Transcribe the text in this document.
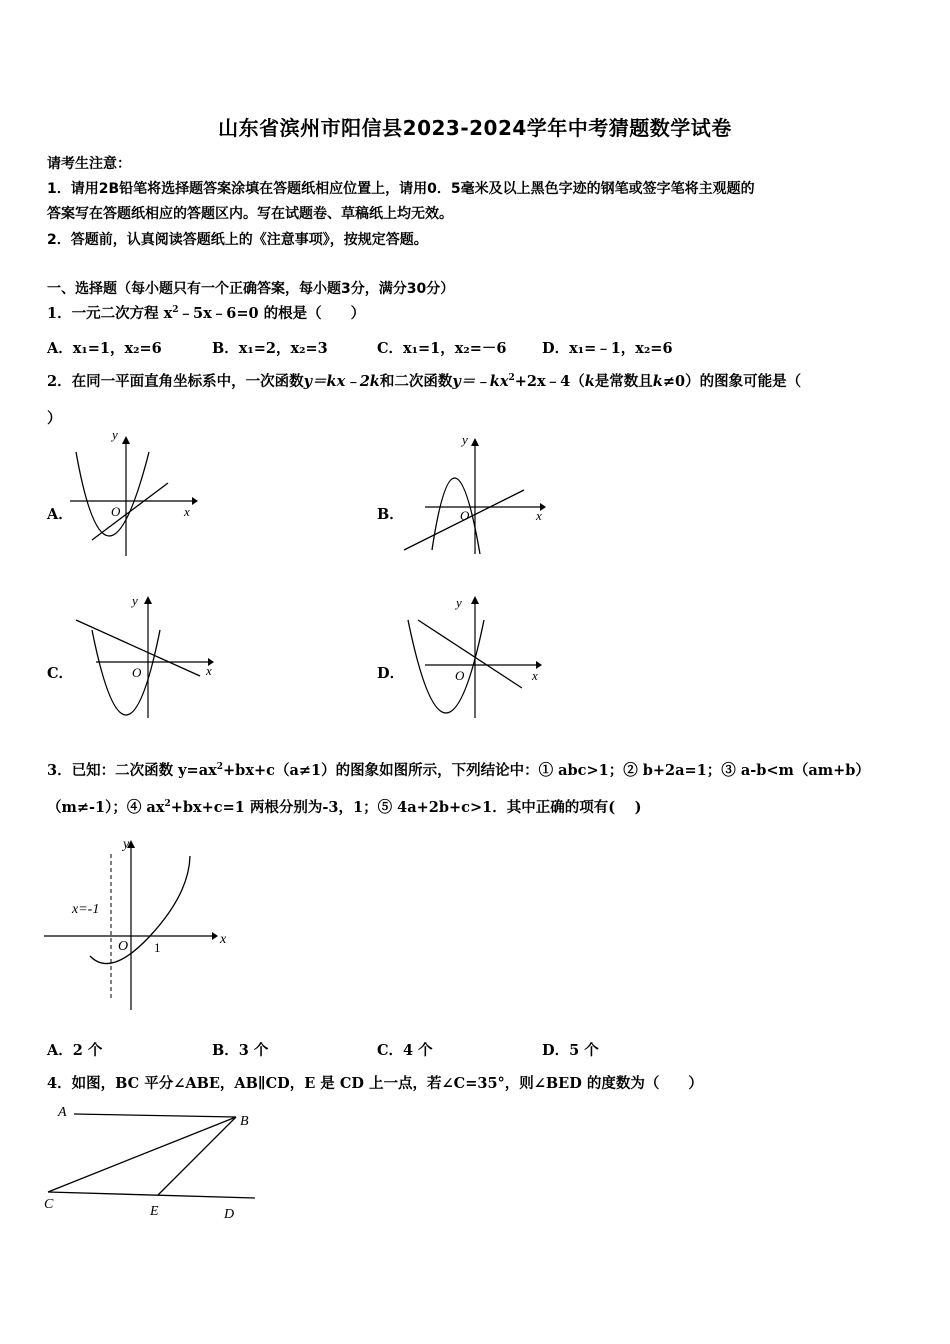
山东省滨州市阳信县2023-2024学年中考猜题数学试卷
请考生注意：
1．请用2B铅笔将选择题答案涂填在答题纸相应位置上，请用0．5毫米及以上黑色字迹的钢笔或签字笔将主观题的
答案写在答题纸相应的答题区内。写在试题卷、草稿纸上均无效。
2．答题前，认真阅读答题纸上的《注意事项》，按规定答题。
一、选择题（每小题只有一个正确答案，每小题3分，满分30分）
1．一元二次方程 $x^2﹣5x﹣6=0$ 的根是（　　）
A．x₁=1，x₂=6	B．x₁=2，x₂=3	C．x₁=1，x₂=－6 D．x₁=﹣1，x₂=6
2．在同一平面直角坐标系中，一次函数y＝kx﹣2k和二次函数$y=﹣kx^2+2x﹣4(k$是常数且k≠0）的图象可能是（
）
A．	B．
C．	D．
x
y
O	x
y
O
x
y
O	x
y
O
3．已知：二次函数 $y=ax^2+bx+c(a\ne 1)$的图象如图所示，下列结论中：① abc>1；② b+2a=1；③ a-b<m（am+b）
（m≠-1）；④ $ax^2+bx+c=1$ 两根分别为-3，1；⑤ 4a+2b+c>1．其中正确的项有(　 )
x
y
O
x=-1
1
A．2 个	B．3 个	C．4 个	D．5 个
4．如图，BC 平分∠ABE，AB∥CD，E 是 CD 上一点，若∠C=35°，则∠BED 的度数为（　　）
A
B
C	E	D
